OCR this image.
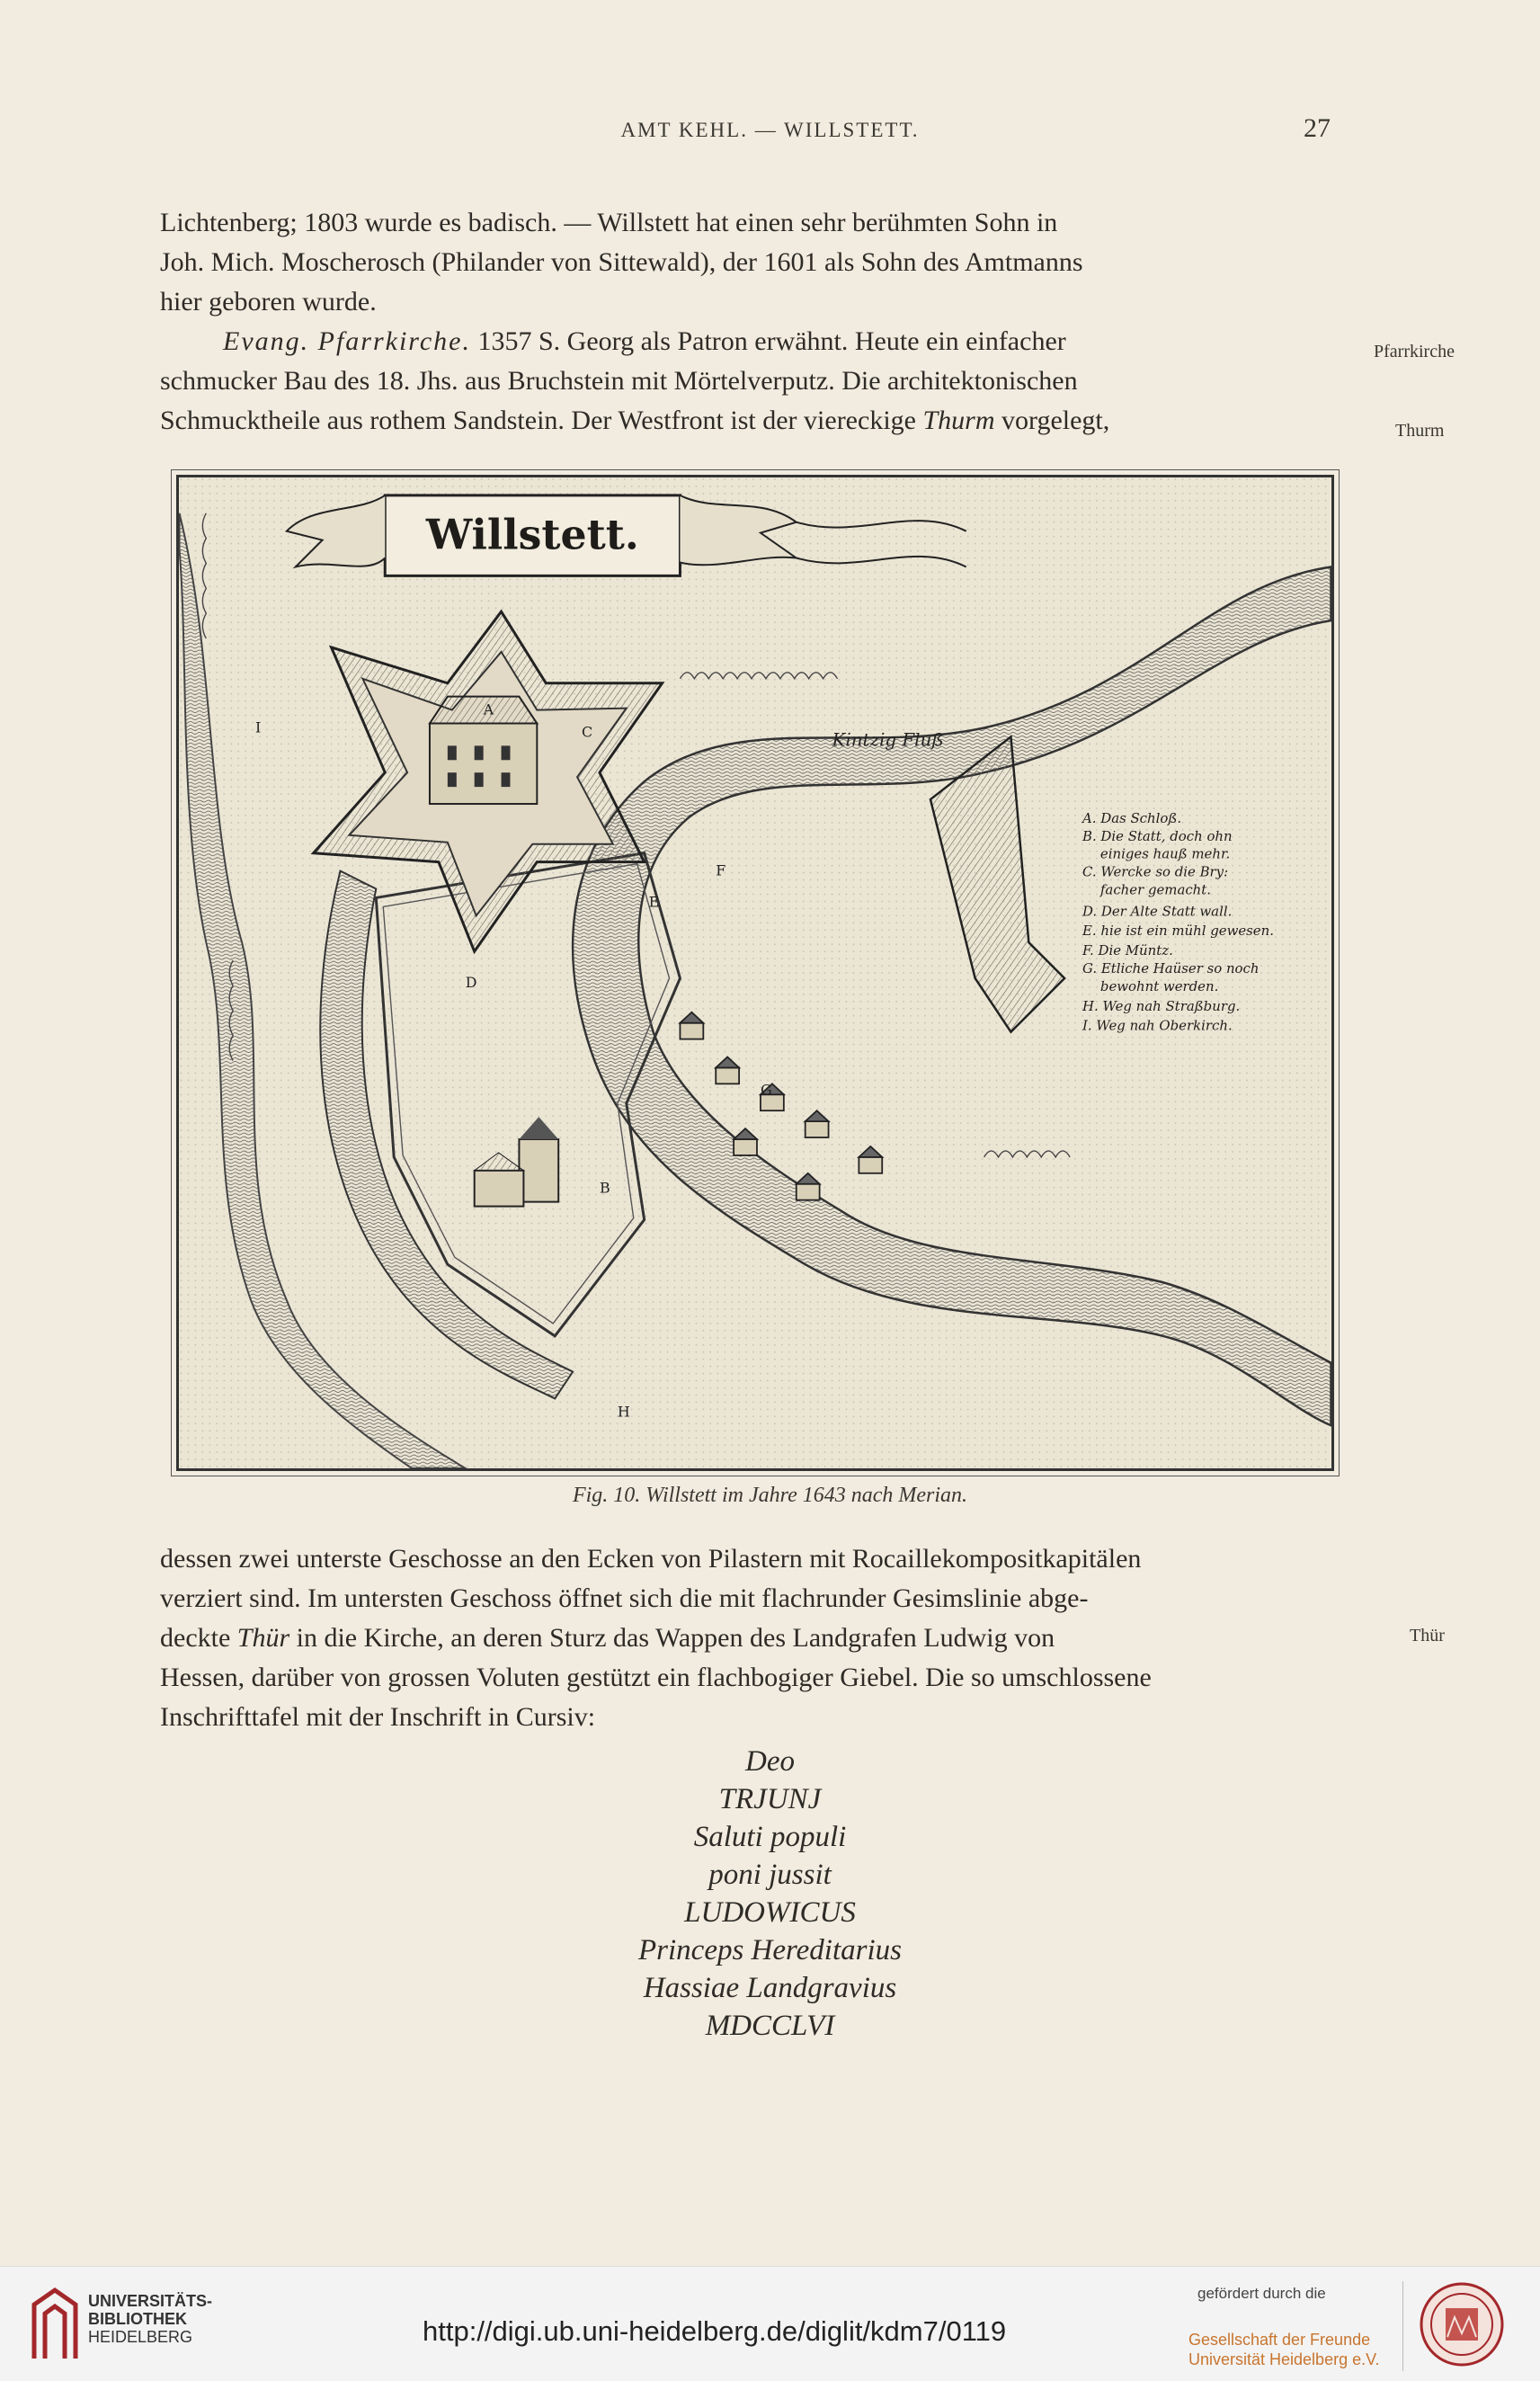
AMT KEHL. — WILLSTETT.	27

Lichtenberg; 1803 wurde es badisch. — Willstett hat einen sehr berühmten Sohn in

Joh. Mich. Moscherosch (Philander von Sittewald), der 1601 als Sohn des Amtmanns

hier geboren wurde.

Evang. Pfarrkirche. 1357 S. Georg als Patron erwähnt. Heute ein einfacher

schmucker Bau des 18. Jhs. aus Bruchstein mit Mörtelverputz. Die architektonischen

Schmucktheile aus rothem Sandstein. Der Westfront ist der viereckige Thurm vorgelegt,

Pfarrkirche
Thurm
Willstett.
Kintzig Fluß
A
B
C
D
E
F
G
H
I
A. Das Schloß.
B. Die Statt, doch ohn
einiges hauß mehr.
C. Wercke so die Bry:
facher gemacht.
D. Der Alte Statt wall.
E. hie ist ein mühl gewesen.
F. Die Müntz.
G. Etliche Haüser so noch
bewohnt werden.
H. Weg nah Straßburg.
I. Weg nah Oberkirch.
Fig. 10. Willstett im Jahre 1643 nach Merian.

dessen zwei unterste Geschosse an den Ecken von Pilastern mit Rocaillekompositkapitälen

verziert sind. Im untersten Geschoss öffnet sich die mit flachrunder Gesimslinie abge-

deckte Thür in die Kirche, an deren Sturz das Wappen des Landgrafen Ludwig von

Hessen, darüber von grossen Voluten gestützt ein flachbogiger Giebel. Die so umschlossene

Inschrifttafel mit der Inschrift in Cursiv:

Thür
Deo
TRJUNJ
Saluti populi
poni jussit
LUDOWICUS
Princeps Hereditarius
Hassiae Landgravius
MDCCLVI
UNIVERSITÄTS-
BIBLIOTHEK
HEIDELBERG	http://digi.ub.uni-heidelberg.de/diglit/kdm7/0119
gefördert durch die
Gesellschaft der Freunde
Universität Heidelberg e.V.
